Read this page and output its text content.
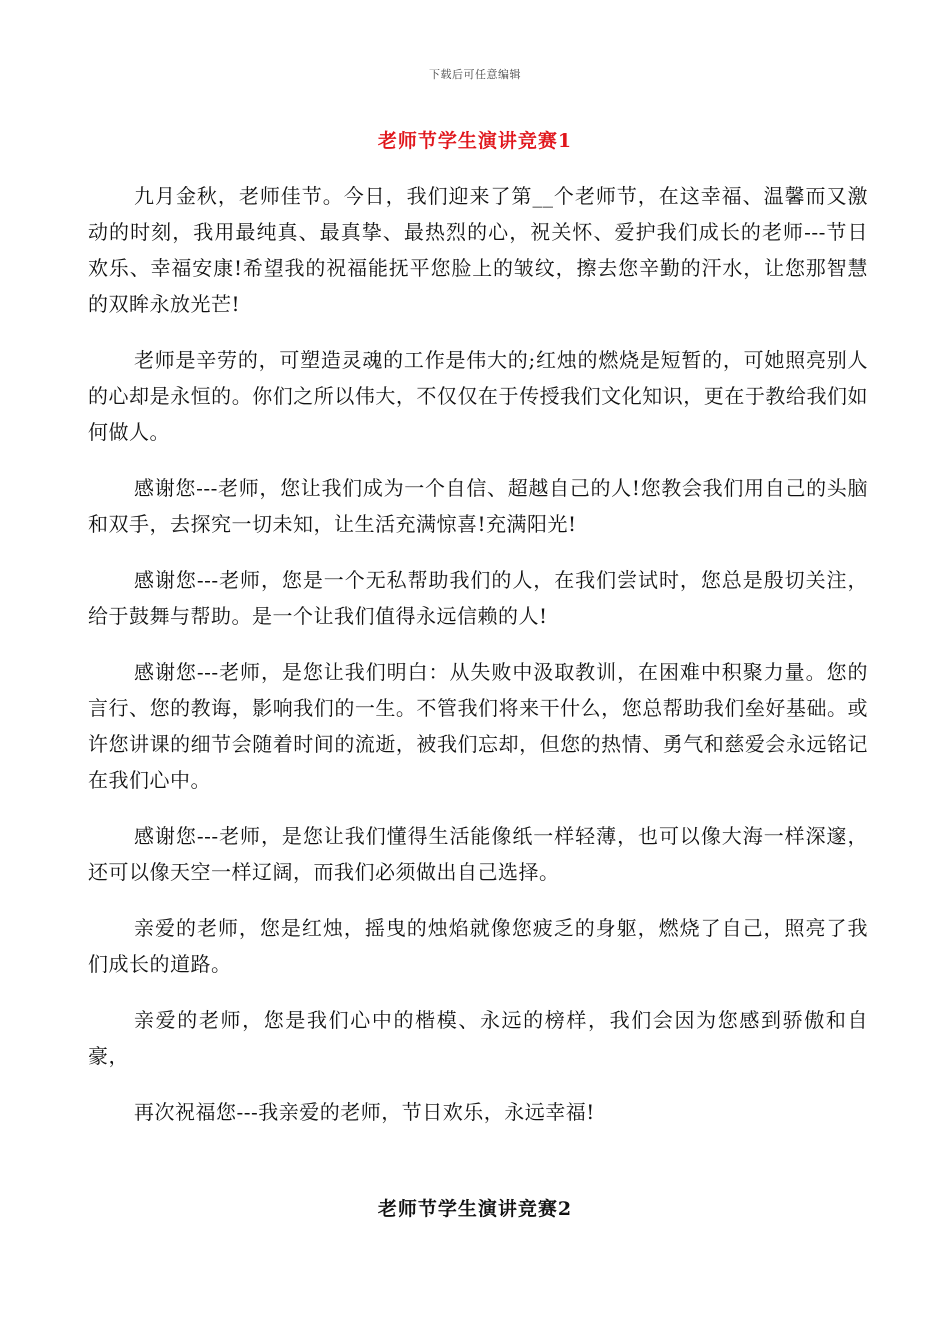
下载后可任意编辑
老师节学生演讲竞赛1

九月金秋，老师佳节。今日，我们迎来了第__个老师节，在这幸福、温馨而又激动的时刻，我用最纯真、最真挚、最热烈的心，祝关怀、爱护我们成长的老师---节日欢乐、幸福安康!希望我的祝福能抚平您脸上的皱纹，擦去您辛勤的汗水，让您那智慧的双眸永放光芒!

老师是辛劳的，可塑造灵魂的工作是伟大的;红烛的燃烧是短暂的，可她照亮别人的心却是永恒的。你们之所以伟大，不仅仅在于传授我们文化知识，更在于教给我们如何做人。

感谢您---老师，您让我们成为一个自信、超越自己的人!您教会我们用自己的头脑和双手，去探究一切未知，让生活充满惊喜!充满阳光!

感谢您---老师，您是一个无私帮助我们的人，在我们尝试时，您总是殷切关注，给于鼓舞与帮助。是一个让我们值得永远信赖的人!

感谢您---老师，是您让我们明白：从失败中汲取教训，在困难中积聚力量。您的言行、您的教诲，影响我们的一生。不管我们将来干什么，您总帮助我们垒好基础。或许您讲课的细节会随着时间的流逝，被我们忘却，但您的热情、勇气和慈爱会永远铭记在我们心中。

感谢您---老师，是您让我们懂得生活能像纸一样轻薄，也可以像大海一样深邃，还可以像天空一样辽阔，而我们必须做出自己选择。

亲爱的老师，您是红烛，摇曳的烛焰就像您疲乏的身躯，燃烧了自己，照亮了我们成长的道路。

亲爱的老师，您是我们心中的楷模、永远的榜样，我们会因为您感到骄傲和自豪，

再次祝福您---我亲爱的老师，节日欢乐，永远幸福!

老师节学生演讲竞赛2
